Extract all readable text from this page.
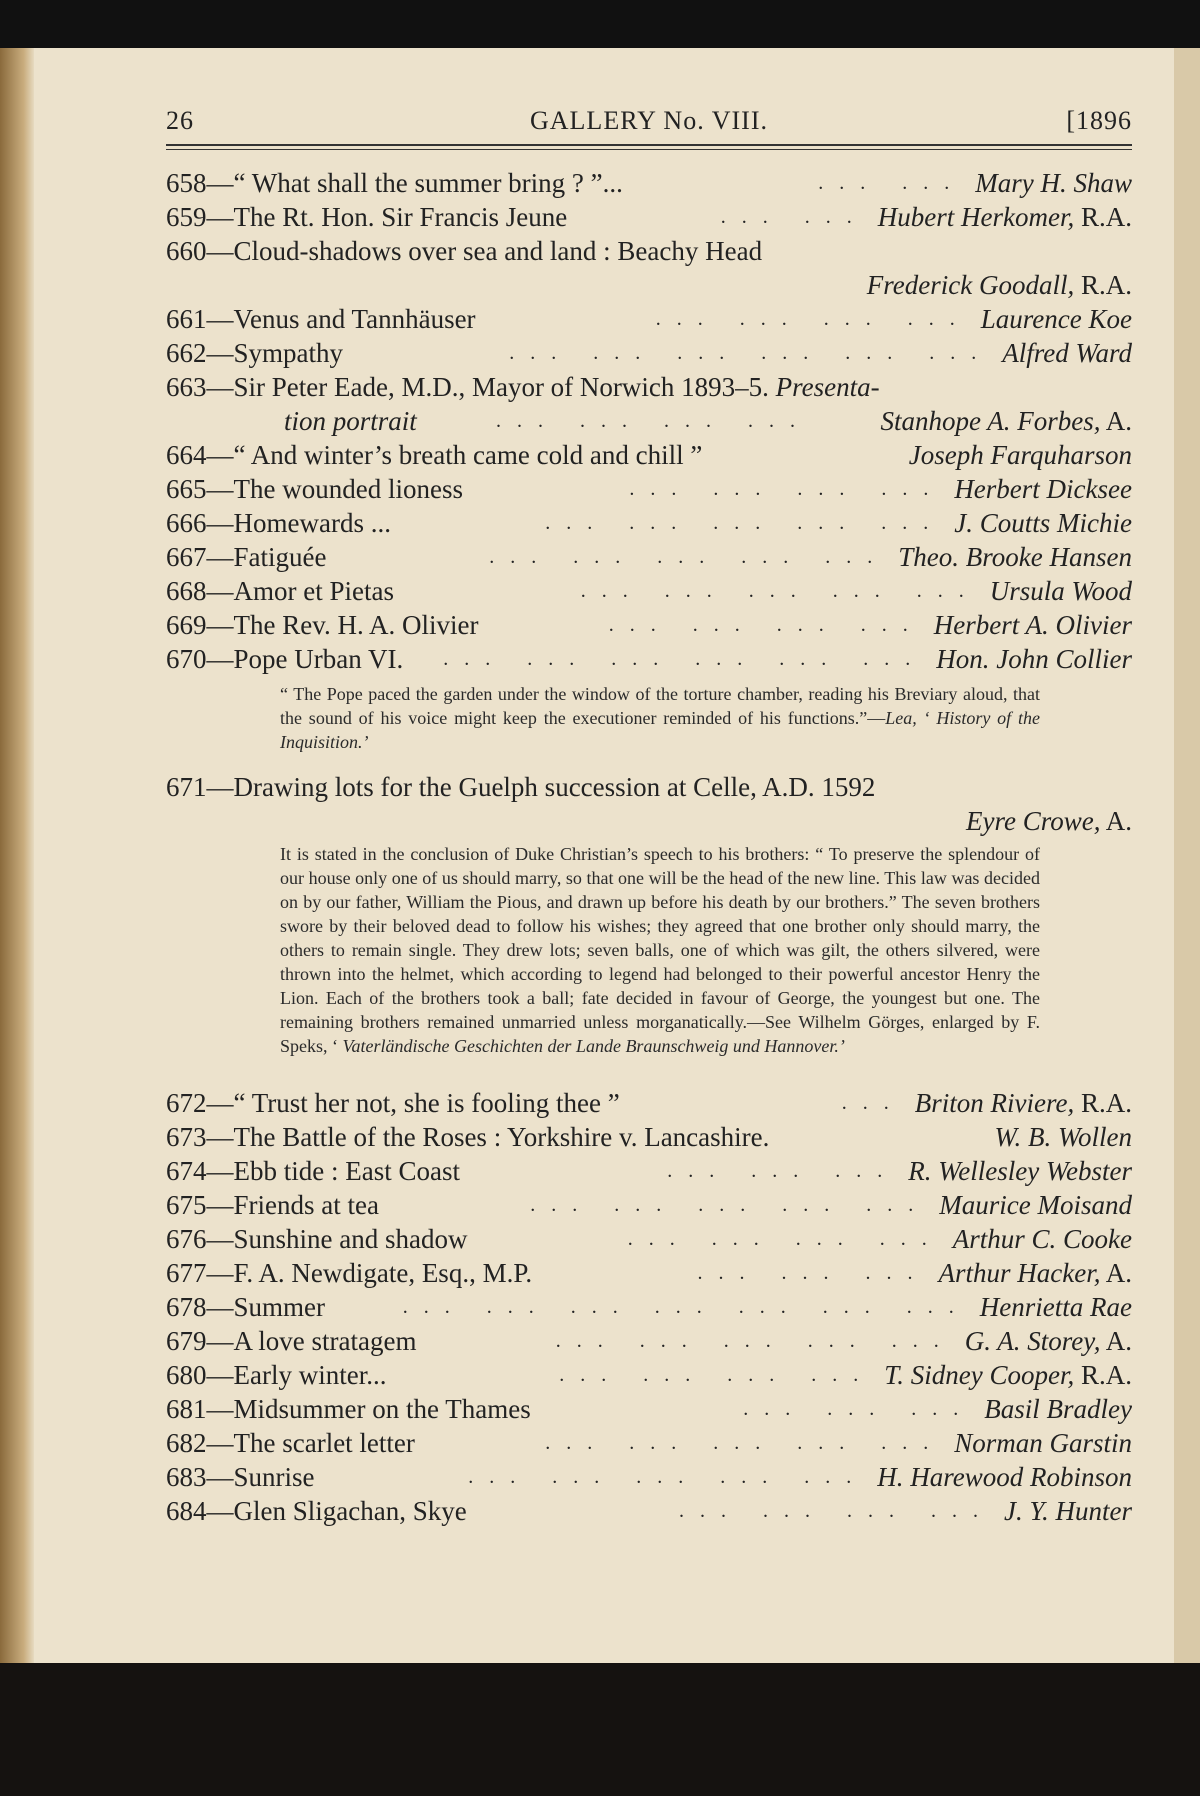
26	GALLERY No. VIII.	[1896
658—“ What shall the summer bring ? ”...	... ... Mary H. Shaw
659—The Rt. Hon. Sir Francis Jeune	... ... Hubert Herkomer, R.A.
660—Cloud-shadows over sea and land : Beachy Head
Frederick Goodall, R.A.
661—Venus and Tannhäuser	... ... ... ... Laurence Koe
662—Sympathy	... ... ... ... ... ... Alfred Ward
663—Sir Peter Eade, M.D., Mayor of Norwich 1893–5. Presenta-
tion portrait	... ... ... ...	Stanhope A. Forbes, A.
664—“ And winter’s breath came cold and chill ”	Joseph Farquharson
665—The wounded lioness	... ... ... ... Herbert Dicksee
666—Homewards ...	... ... ... ... ... J. Coutts Michie
667—Fatiguée	... ... ... ... ... Theo. Brooke Hansen
668—Amor et Pietas	... ... ... ... ... Ursula Wood
669—The Rev. H. A. Olivier	... ... ... ... Herbert A. Olivier
670—Pope Urban VI. ... ... ... ... ... ... Hon. John Collier
“ The Pope paced the garden under the window of the torture chamber, reading his Breviary aloud, that the sound of his voice might keep the executioner reminded of his functions.”—Lea, ‘ History of the Inquisition.’
671—Drawing lots for the Guelph succession at Celle, A.D. 1592
Eyre Crowe, A.
It is stated in the conclusion of Duke Christian’s speech to his brothers: “ To preserve the splendour of our house only one of us should marry, so that one will be the head of the new line. This law was decided on by our father, William the Pious, and drawn up before his death by our brothers.” The seven brothers swore by their beloved dead to follow his wishes; they agreed that one brother only should marry, the others to remain single. They drew lots; seven balls, one of which was gilt, the others silvered, were thrown into the helmet, which according to legend had belonged to their powerful ancestor Henry the Lion. Each of the brothers took a ball; fate decided in favour of George, the youngest but one. The remaining brothers remained unmarried unless morganatically.—See Wilhelm Görges, enlarged by F. Speks, ‘ Vaterländische Geschichten der Lande Braunschweig und Hannover.’
672—“ Trust her not, she is fooling thee ”	... Briton Riviere, R.A.
673—The Battle of the Roses : Yorkshire v. Lancashire.	W. B. Wollen
674—Ebb tide : East Coast	... ... ... R. Wellesley Webster
675—Friends at tea	... ... ... ... ... Maurice Moisand
676—Sunshine and shadow	... ... ... ... Arthur C. Cooke
677—F. A. Newdigate, Esq., M.P.	... ... ... Arthur Hacker, A.
678—Summer	... ... ... ... ... ... ... Henrietta Rae
679—A love stratagem	... ... ... ... ... G. A. Storey, A.
680—Early winter...	... ... ... ... T. Sidney Cooper, R.A.
681—Midsummer on the Thames	... ... ... Basil Bradley
682—The scarlet letter	... ... ... ... ... Norman Garstin
683—Sunrise	... ... ... ... ... H. Harewood Robinson
684—Glen Sligachan, Skye	... ... ... ... J. Y. Hunter
